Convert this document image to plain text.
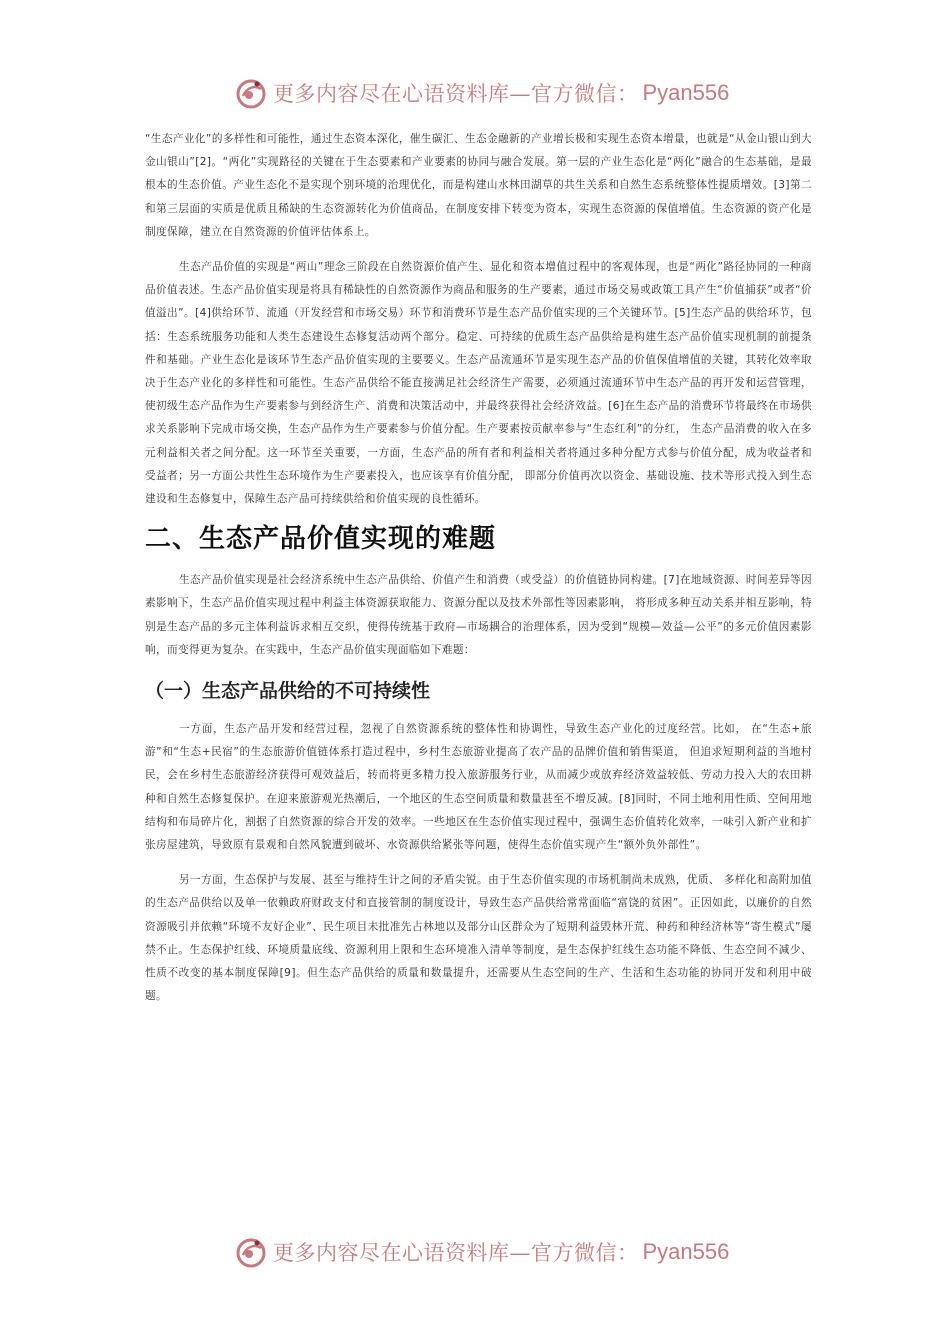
更多内容尽在心语资料库—官方微信： Pyan556

“生态产业化”的多样性和可能性，通过生态资本深化，催生碳汇、生态金融新的产业增长极和实现生态资本增量，也就是“从金山银山到大金山银山”[2]。“两化”实现路径的关键在于生态要素和产业要素的协同与融合发展。第一层的产业生态化是“两化”融合的生态基础，是最根本的生态价值。产业生态化不是实现个别环境的治理优化，而是构建山水林田湖草的共生关系和自然生态系统整体性提质增效。[3]第二和第三层面的实质是优质且稀缺的生态资源转化为价值商品，在制度安排下转变为资本，实现生态资源的保值增值。生态资源的资产化是制度保障，建立在自然资源的价值评估体系上。

生态产品价值的实现是“两山”理念三阶段在自然资源价值产生、显化和资本增值过程中的客观体现，也是“两化”路径协同的一种商品价值表述。生态产品价值实现是将具有稀缺性的自然资源作为商品和服务的生产要素，通过市场交易或政策工具产生“价值捕获”或者“价值溢出”。[4]供给环节、流通（开发经营和市场交易）环节和消费环节是生态产品价值实现的三个关键环节。[5]生态产品的供给环节，包括：生态系统服务功能和人类生态建设生态修复活动两个部分。稳定、可持续的优质生态产品供给是构建生态产品价值实现机制的前提条件和基础。产业生态化是该环节生态产品价值实现的主要要义。生态产品流通环节是实现生态产品的价值保值增值的关键，其转化效率取决于生态产业化的多样性和可能性。生态产品供给不能直接满足社会经济生产需要，必须通过流通环节中生态产品的再开发和运营管理，使初级生态产品作为生产要素参与到经济生产、消费和决策活动中，并最终获得社会经济效益。[6]在生态产品的消费环节将最终在市场供求关系影响下完成市场交换，生态产品作为生产要素参与价值分配。生产要素按贡献率参与“生态红利”的分红， 生态产品消费的收入在多元利益相关者之间分配。这一环节至关重要，一方面，生态产品的所有者和利益相关者将通过多种分配方式参与价值分配，成为收益者和受益者；另一方面公共性生态环境作为生产要素投入，也应该享有价值分配， 即部分价值再次以资金、基础设施、技术等形式投入到生态建设和生态修复中，保障生态产品可持续供给和价值实现的良性循环。

二、生态产品价值实现的难题

生态产品价值实现是社会经济系统中生态产品供给、价值产生和消费（或受益）的价值链协同构建。[7]在地域资源、时间差异等因素影响下，生态产品价值实现过程中利益主体资源获取能力、资源分配以及技术外部性等因素影响， 将形成多种互动关系并相互影响，特别是生态产品的多元主体利益诉求相互交织，使得传统基于政府—市场耦合的治理体系，因为受到“规模—效益—公平”的多元价值因素影响，而变得更为复杂。在实践中，生态产品价值实现面临如下难题：

（一）生态产品供给的不可持续性

一方面，生态产品开发和经营过程，忽视了自然资源系统的整体性和协调性，导致生态产业化的过度经营。比如， 在“生态+旅游”和“生态+民宿”的生态旅游价值链体系打造过程中，乡村生态旅游业提高了农产品的品牌价值和销售渠道， 但追求短期利益的当地村民，会在乡村生态旅游经济获得可观效益后，转而将更多精力投入旅游服务行业，从而减少或放弃经济效益较低、劳动力投入大的农田耕种和自然生态修复保护。在迎来旅游观光热潮后，一个地区的生态空间质量和数量甚至不增反减。[8]同时，不同土地利用性质、空间用地结构和布局碎片化，割据了自然资源的综合开发的效率。一些地区在生态价值实现过程中，强调生态价值转化效率，一味引入新产业和扩张房屋建筑，导致原有景观和自然风貌遭到破坏、水资源供给紧张等问题，使得生态价值实现产生“额外负外部性”。

另一方面，生态保护与发展、甚至与维持生计之间的矛盾尖锐。由于生态价值实现的市场机制尚未成熟，优质、 多样化和高附加值的生态产品供给以及单一依赖政府财政支付和直接管制的制度设计，导致生态产品供给常常面临“富饶的贫困”。正因如此，以廉价的自然资源吸引并依赖“环境不友好企业”、民生项目未批准先占林地以及部分山区群众为了短期利益毁林开荒、种药和种经济林等“寄生模式”屡禁不止。生态保护红线、环境质量底线、资源利用上限和生态环境准入清单等制度，是生态保护红线生态功能不降低、生态空间不减少、性质不改变的基本制度保障[9]。但生态产品供给的质量和数量提升，还需要从生态空间的生产、生活和生态功能的协同开发和利用中破题。

更多内容尽在心语资料库—官方微信： Pyan556
